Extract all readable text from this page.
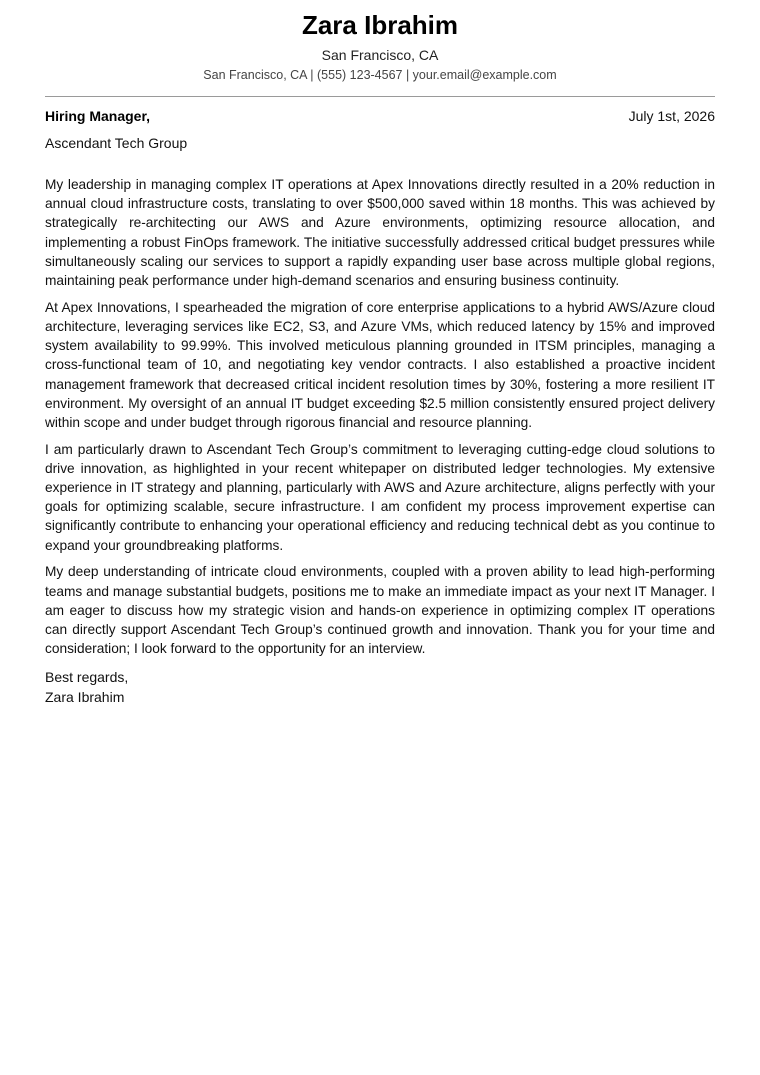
Zara Ibrahim
San Francisco, CA
San Francisco, CA | (555) 123-4567 | your.email@example.com
Hiring Manager,	July 1st, 2026
Ascendant Tech Group

My leadership in managing complex IT operations at Apex Innovations directly resulted in a 20% reduction in annual cloud infrastructure costs, translating to over $500,000 saved within 18 months. This was achieved by strategically re-architecting our AWS and Azure environments, optimizing resource allocation, and implementing a robust FinOps framework. The initiative successfully addressed critical budget pressures while simultaneously scaling our services to support a rapidly expanding user base across multiple global regions, maintaining peak performance under high-demand scenarios and ensuring business continuity.

At Apex Innovations, I spearheaded the migration of core enterprise applications to a hybrid AWS/Azure cloud architecture, leveraging services like EC2, S3, and Azure VMs, which reduced latency by 15% and improved system availability to 99.99%. This involved meticulous planning grounded in ITSM principles, managing a cross-functional team of 10, and negotiating key vendor contracts. I also established a proactive incident management framework that decreased critical incident resolution times by 30%, fostering a more resilient IT environment. My oversight of an annual IT budget exceeding $2.5 million consistently ensured project delivery within scope and under budget through rigorous financial and resource planning.

I am particularly drawn to Ascendant Tech Group’s commitment to leveraging cutting-edge cloud solutions to drive innovation, as highlighted in your recent whitepaper on distributed ledger technologies. My extensive experience in IT strategy and planning, particularly with AWS and Azure architecture, aligns perfectly with your goals for optimizing scalable, secure infrastructure. I am confident my process improvement expertise can significantly contribute to enhancing your operational efficiency and reducing technical debt as you continue to expand your groundbreaking platforms.

My deep understanding of intricate cloud environments, coupled with a proven ability to lead high-performing teams and manage substantial budgets, positions me to make an immediate impact as your next IT Manager. I am eager to discuss how my strategic vision and hands-on experience in optimizing complex IT operations can directly support Ascendant Tech Group’s continued growth and innovation. Thank you for your time and consideration; I look forward to the opportunity for an interview.

Best regards,
Zara Ibrahim
